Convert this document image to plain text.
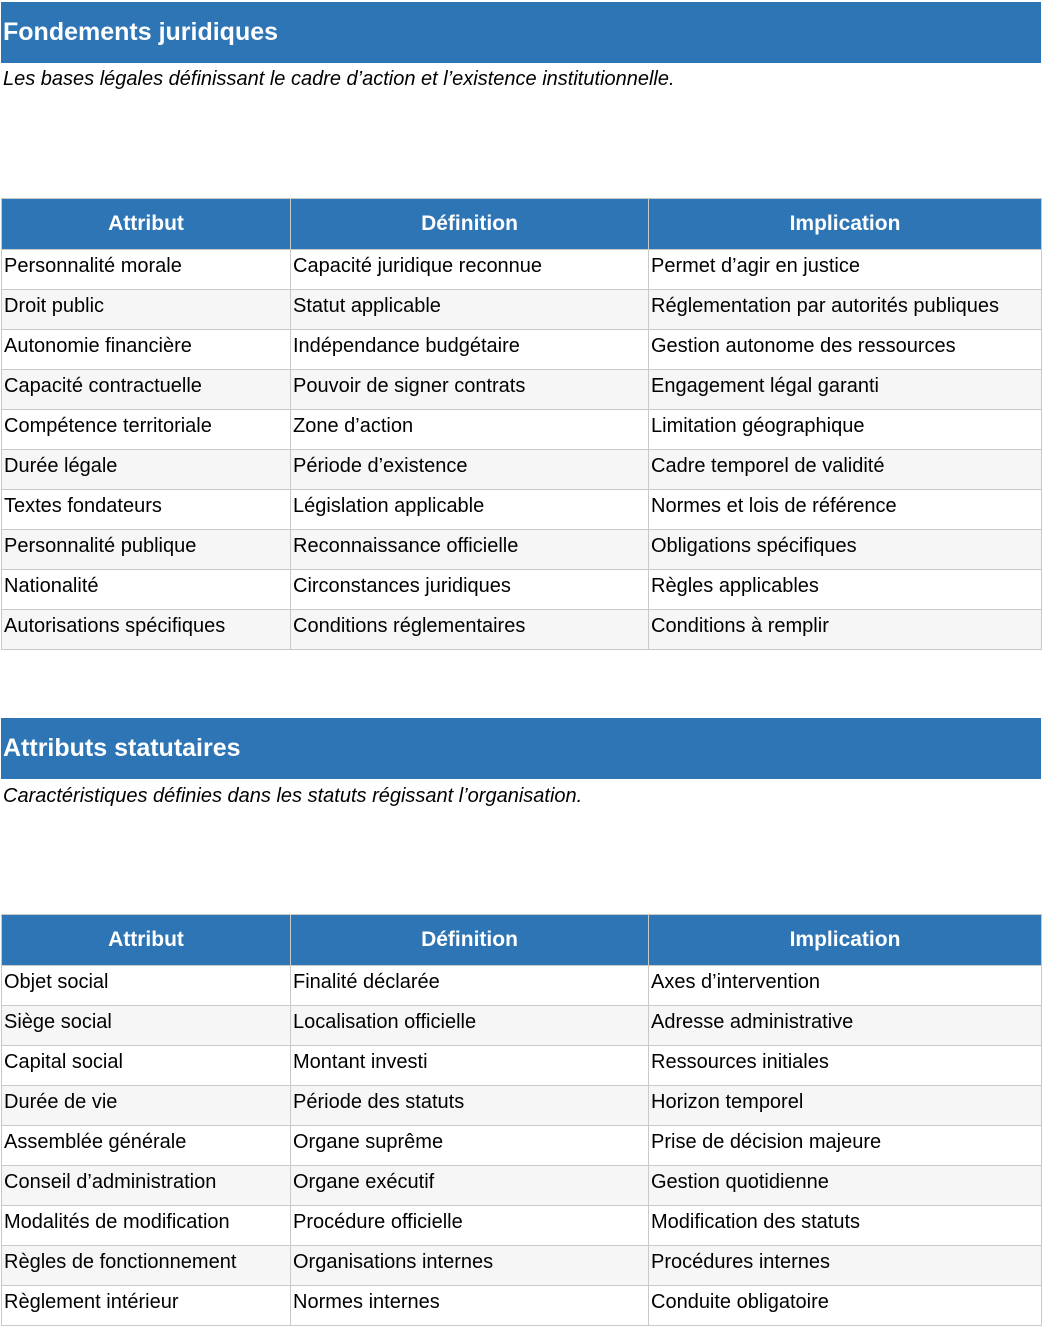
Fondements juridiques
Les bases légales définissant le cadre d’action et l’existence institutionnelle.
Attribut	Définition	Implication
Personnalité morale	Capacité juridique reconnue	Permet d’agir en justice
Droit public	Statut applicable	Réglementation par autorités publiques
Autonomie financière	Indépendance budgétaire	Gestion autonome des ressources
Capacité contractuelle	Pouvoir de signer contrats	Engagement légal garanti
Compétence territoriale	Zone d’action	Limitation géographique
Durée légale	Période d’existence	Cadre temporel de validité
Textes fondateurs	Législation applicable	Normes et lois de référence
Personnalité publique	Reconnaissance officielle	Obligations spécifiques
Nationalité	Circonstances juridiques	Règles applicables
Autorisations spécifiques	Conditions réglementaires	Conditions à remplir
Attributs statutaires
Caractéristiques définies dans les statuts régissant l’organisation.
Attribut	Définition	Implication
Objet social	Finalité déclarée	Axes d’intervention
Siège social	Localisation officielle	Adresse administrative
Capital social	Montant investi	Ressources initiales
Durée de vie	Période des statuts	Horizon temporel
Assemblée générale	Organe suprême	Prise de décision majeure
Conseil d’administration	Organe exécutif	Gestion quotidienne
Modalités de modification	Procédure officielle	Modification des statuts
Règles de fonctionnement	Organisations internes	Procédures internes
Règlement intérieur	Normes internes	Conduite obligatoire
